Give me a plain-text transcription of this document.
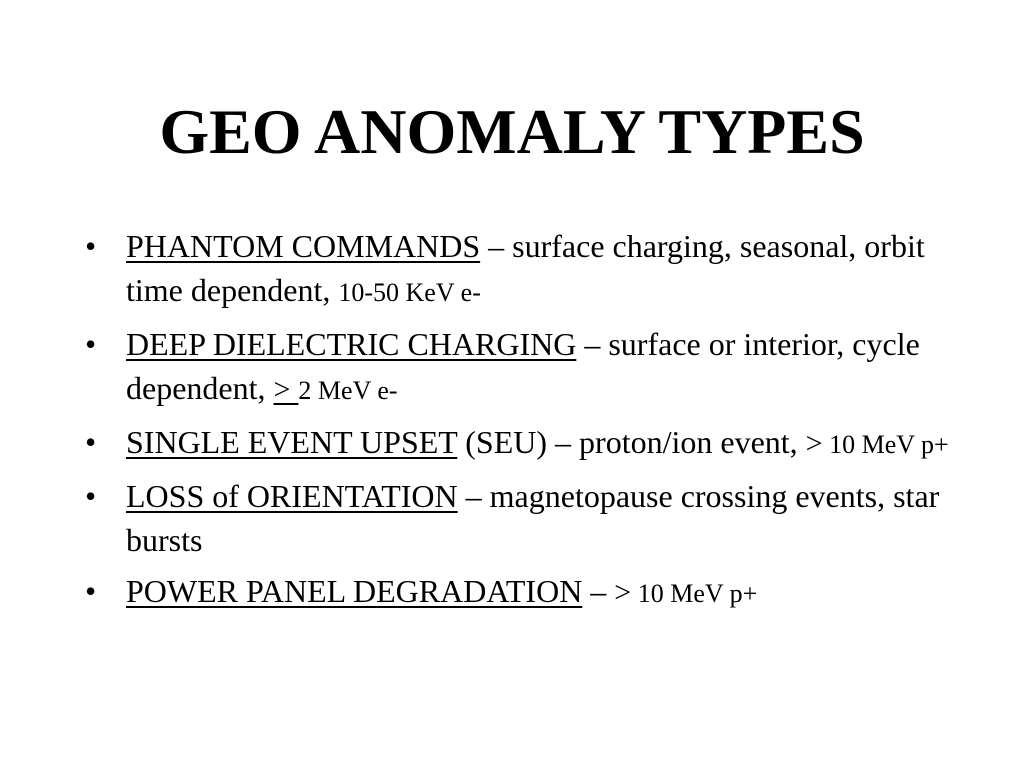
GEO ANOMALY TYPES
• PHANTOM COMMANDS – surface charging, seasonal, orbit time dependent, 10-50 KeV e-
• DEEP DIELECTRIC CHARGING – surface or interior, cycle dependent, > 2 MeV e-
• SINGLE EVENT UPSET (SEU) – proton/ion event, > 10 MeV p+
• LOSS of ORIENTATION – magnetopause crossing events, star bursts
• POWER PANEL DEGRADATION – > 10 MeV p+
